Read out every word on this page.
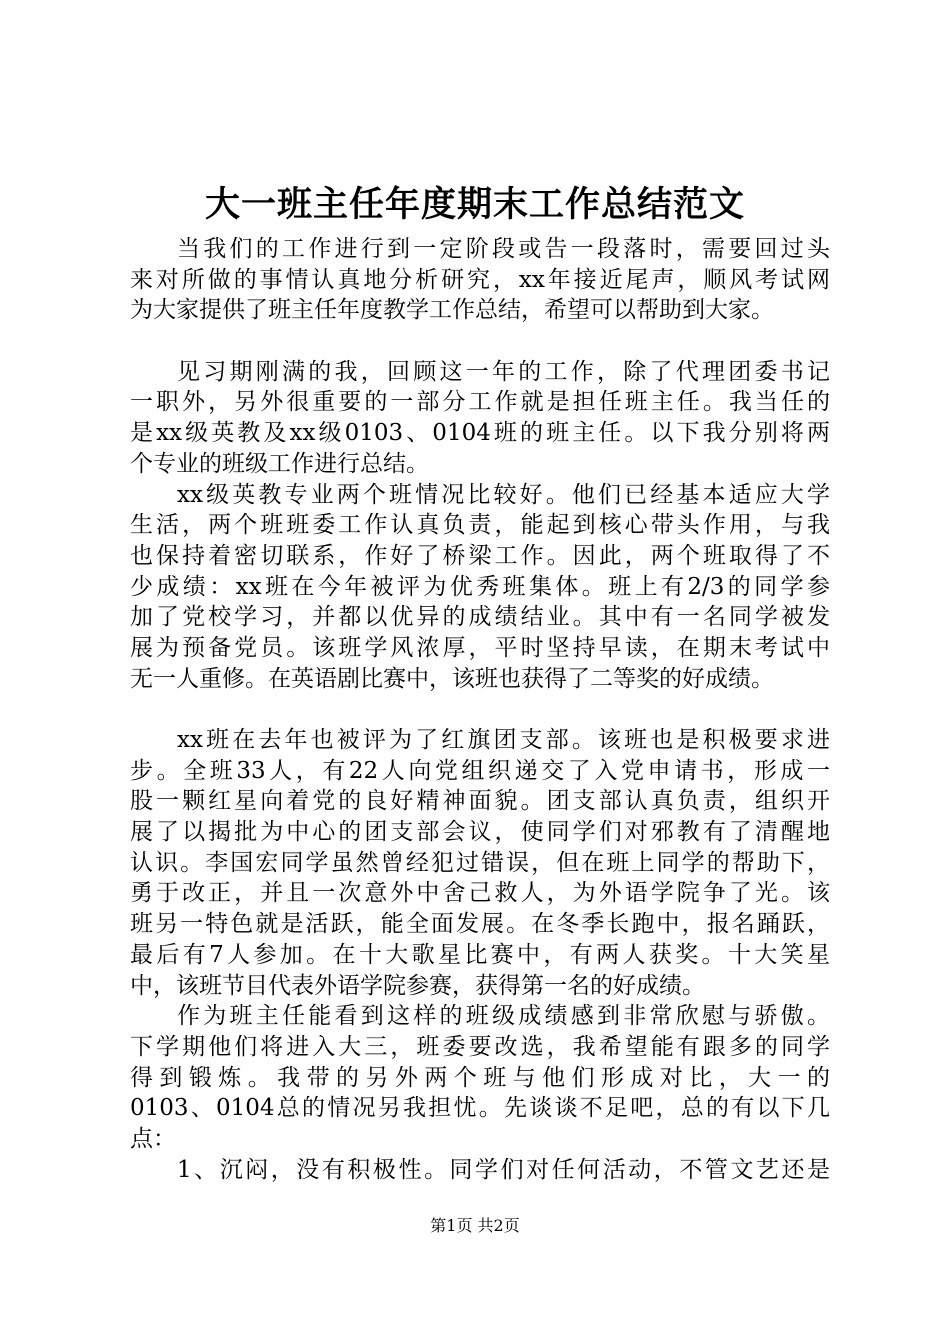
大一班主任年度期末工作总结范文
当我们的工作进行到一定阶段或告一段落时，需要回过头
来对所做的事情认真地分析研究，xx年接近尾声，顺风考试网
为大家提供了班主任年度教学工作总结，希望可以帮助到大家。
见习期刚满的我，回顾这一年的工作，除了代理团委书记
一职外，另外很重要的一部分工作就是担任班主任。我当任的
是xx级英教及xx级0103、0104班的班主任。以下我分别将两
个专业的班级工作进行总结。
xx级英教专业两个班情况比较好。他们已经基本适应大学
生活，两个班班委工作认真负责，能起到核心带头作用，与我
也保持着密切联系，作好了桥梁工作。因此，两个班取得了不
少成绩：xx班在今年被评为优秀班集体。班上有2/3的同学参
加了党校学习，并都以优异的成绩结业。其中有一名同学被发
展为预备党员。该班学风浓厚，平时坚持早读，在期末考试中
无一人重修。在英语剧比赛中，该班也获得了二等奖的好成绩。
xx班在去年也被评为了红旗团支部。该班也是积极要求进
步。全班33人，有22人向党组织递交了入党申请书，形成一
股一颗红星向着党的良好精神面貌。团支部认真负责，组织开
展了以揭批为中心的团支部会议，使同学们对邪教有了清醒地
认识。李国宏同学虽然曾经犯过错误，但在班上同学的帮助下，
勇于改正，并且一次意外中舍己救人，为外语学院争了光。该
班另一特色就是活跃，能全面发展。在冬季长跑中，报名踊跃，
最后有7人参加。在十大歌星比赛中，有两人获奖。十大笑星
中，该班节目代表外语学院参赛，获得第一名的好成绩。
作为班主任能看到这样的班级成绩感到非常欣慰与骄傲。
下学期他们将进入大三，班委要改选，我希望能有跟多的同学
得到锻炼。我带的另外两个班与他们形成对比，大一的
0103、0104总的情况另我担忧。先谈谈不足吧，总的有以下几
点：
1、沉闷，没有积极性。同学们对任何活动，不管文艺还是
第1页 共2页
